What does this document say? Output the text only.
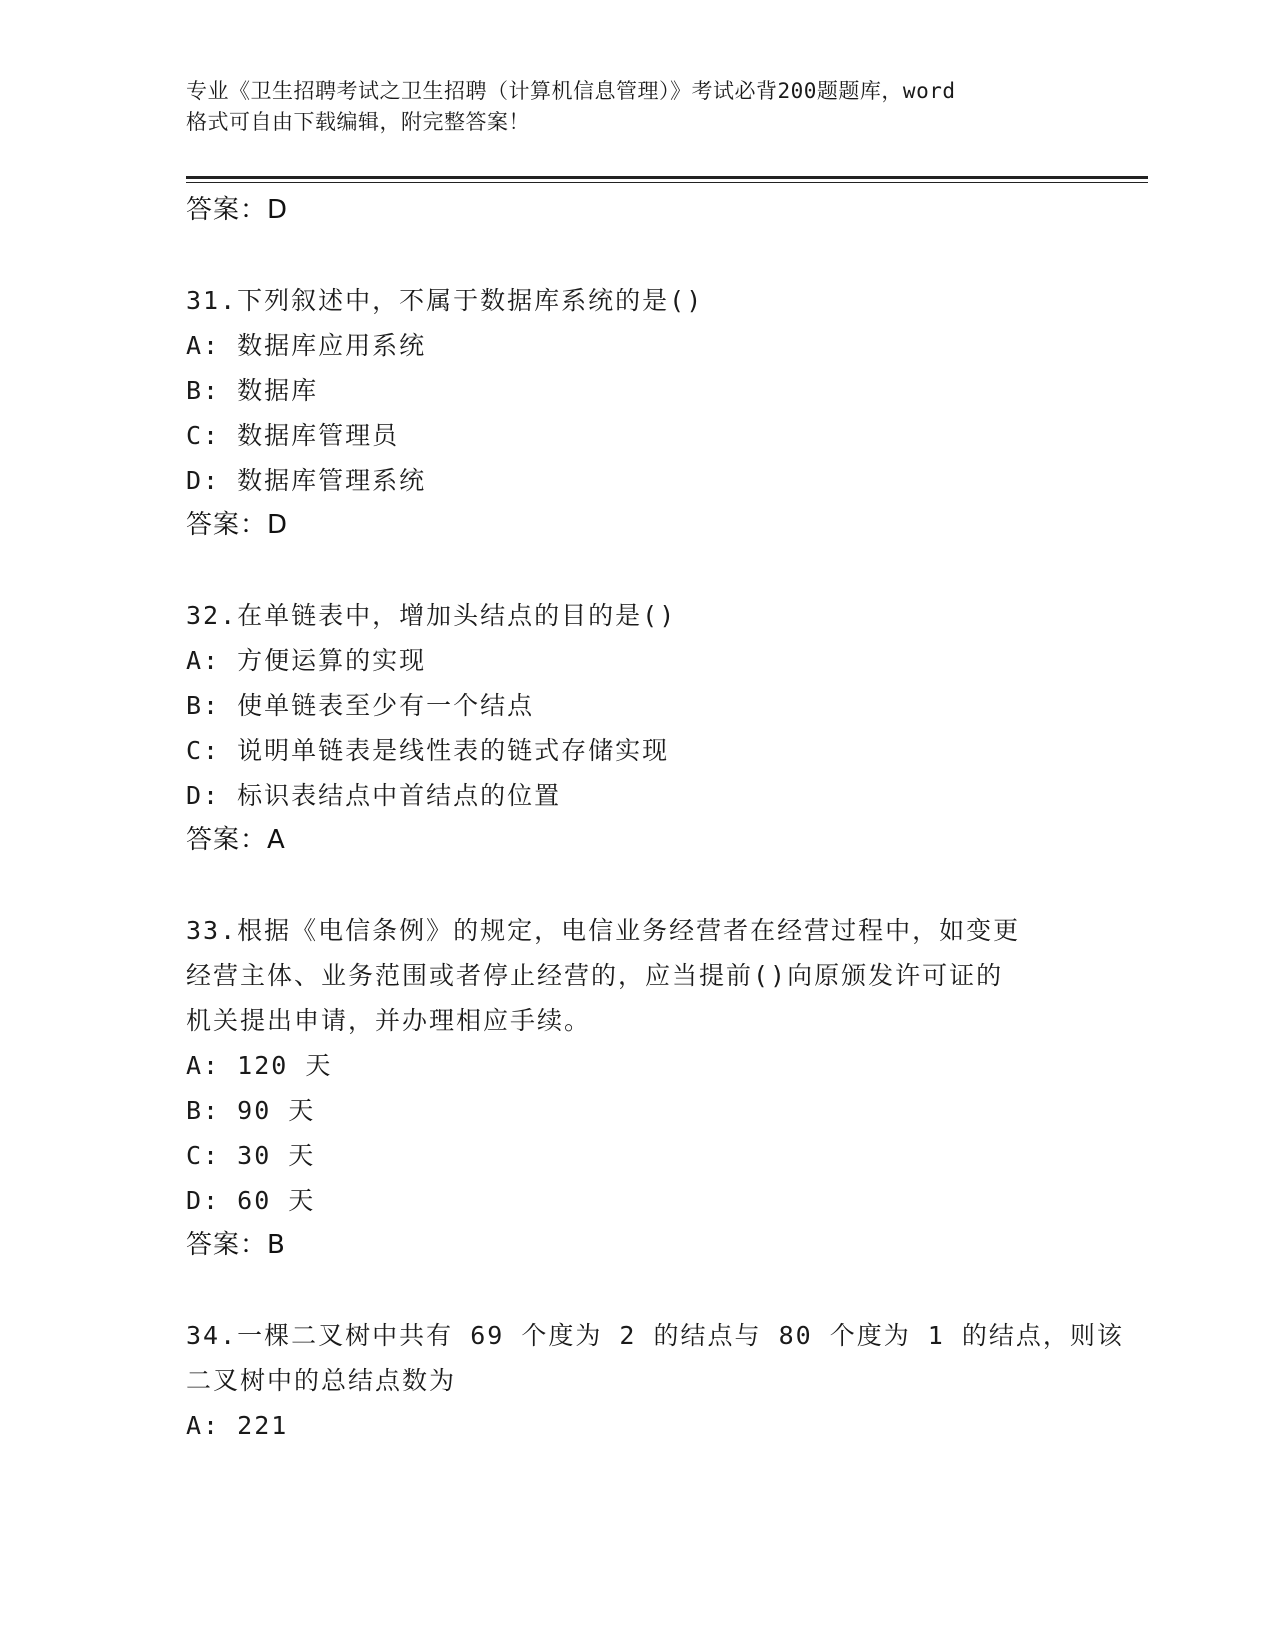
专业《卫生招聘考试之卫生招聘（计算机信息管理）》考试必背200题题库，word
格式可自由下载编辑，附完整答案！
答案：D
31.下列叙述中，不属于数据库系统的是()
A: 数据库应用系统
B: 数据库
C: 数据库管理员
D: 数据库管理系统
答案：D
32.在单链表中，增加头结点的目的是()
A: 方便运算的实现
B: 使单链表至少有一个结点
C: 说明单链表是线性表的链式存储实现
D: 标识表结点中首结点的位置
答案：A
33.根据《电信条例》的规定，电信业务经营者在经营过程中，如变更
经营主体、业务范围或者停止经营的，应当提前()向原颁发许可证的
机关提出申请，并办理相应手续。
A: 120 天
B: 90 天
C: 30 天
D: 60 天
答案：B
34.一棵二叉树中共有 69 个度为 2 的结点与 80 个度为 1 的结点，则该
二叉树中的总结点数为
A: 221
